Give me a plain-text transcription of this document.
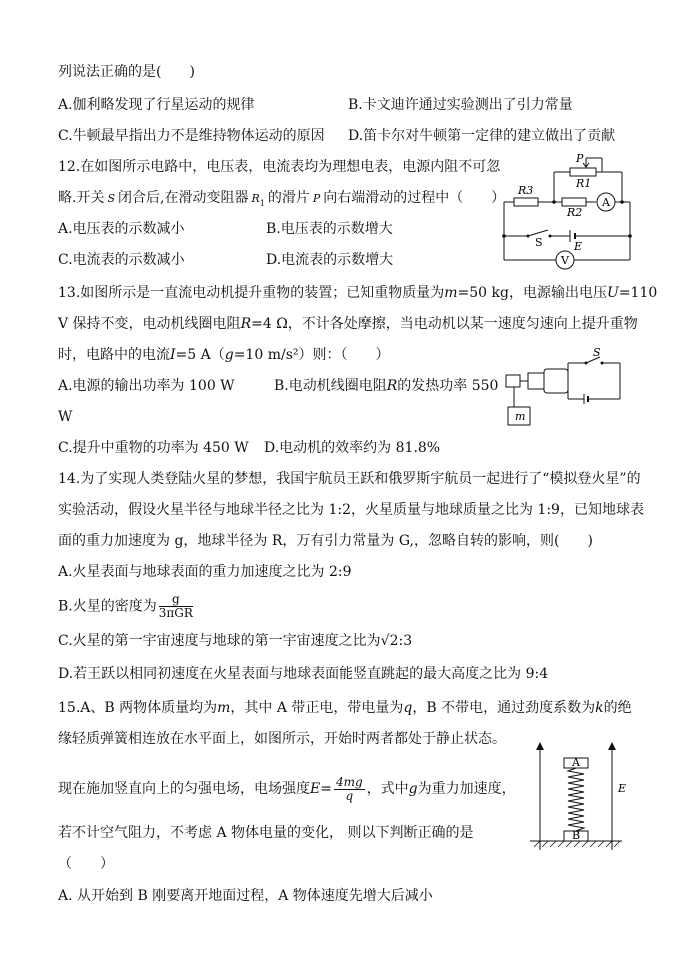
列说法正确的是(　　)
A.伽利略发现了行星运动的规律	B.卡文迪许通过实验测出了引力常量
C.牛顿最早指出力不是维持物体运动的原因 D.笛卡尔对牛顿第一定律的建立做出了贡献
12.在如图所示电路中，电压表，电流表均为理想电表，电源内阻不可忽
略.开关 S 闭合后,在滑动变阻器 $R_1$ 的滑片 P 向右端滑动的过程中（　　）
A.电压表的示数减小	B.电压表的示数增大
C.电流表的示数减小	D.电流表的示数增大
P
R1
R3
R2
A
S	E
V
13.如图所示是一直流电动机提升重物的装置；已知重物质量为m=50 kg，电源输出电压U=110
V 保持不变，电动机线圈电阻R=4 Ω，不计各处摩擦，当电动机以某一速度匀速向上提升重物
时，电路中的电流I=5 A（g=10 m/s²）则：（　　）
A.电源的输出功率为 100 W	B.电动机线圈电阻R的发热功率 550
W
C.提升中重物的功率为 450 W D.电动机的效率约为 81.8%
S
m
14.为了实现人类登陆火星的梦想，我国宇航员王跃和俄罗斯宇航员一起进行了“模拟登火星”的
实验活动，假设火星半径与地球半径之比为 1:2，火星质量与地球质量之比为 1:9，已知地球表
面的重力加速度为 g，地球半径为 R，万有引力常量为 G,，忽略自转的影响，则(　　)
A.火星表面与地球表面的重力加速度之比为 2:9
B.火星的密度为 $\frac{g}{\text{3πGR}}$
C.火星的第一宇宙速度与地球的第一宇宙速度之比为√2:3
D.若王跃以相同初速度在火星表面与地球表面能竖直跳起的最大高度之比为 9:4
15.A、B 两物体质量均为m，其中 A 带正电，带电量为q，B 不带电，通过劲度系数为k的绝
缘轻质弹簧相连放在水平面上，如图所示，开始时两者都处于静止状态。
现在施加竖直向上的匀强电场，电场强度$E= \frac{4mg}{q}$ ，式中g为重力加速度，
若不计空气阻力，不考虑 A 物体电量的变化， 则以下判断正确的是
（　　）
A. 从开始到 B 刚要离开地面过程，A 物体速度先增大后减小
A
B
E
